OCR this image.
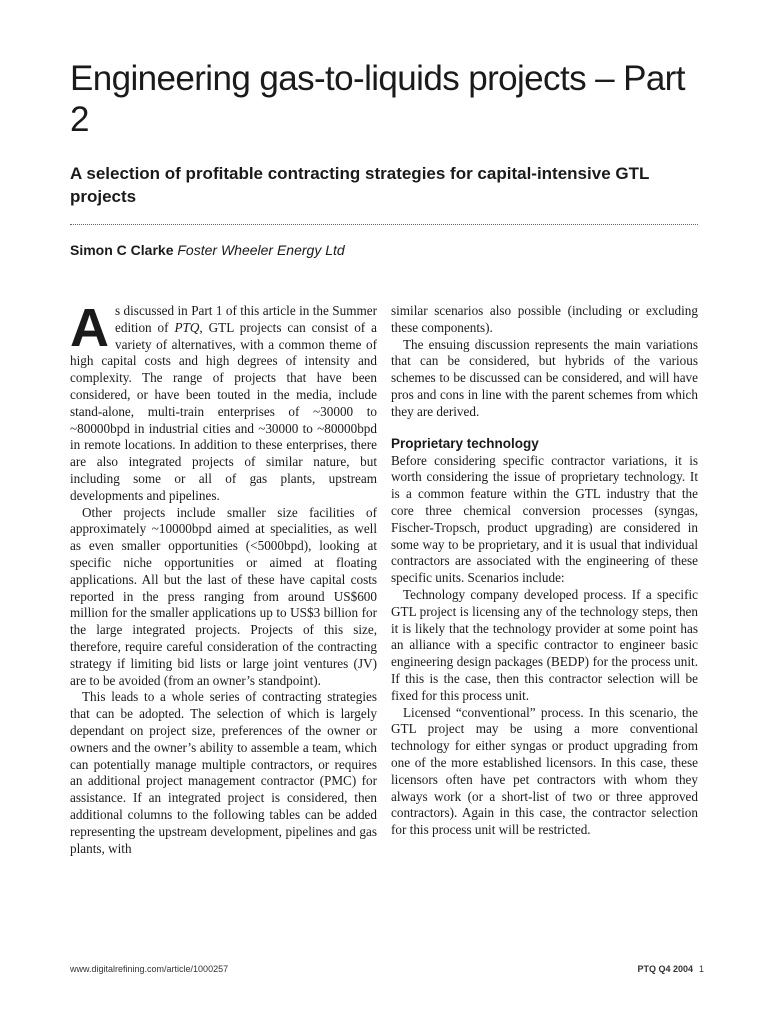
Engineering gas-to-liquids projects – Part 2
A selection of profitable contracting strategies for capital-intensive GTL projects
Simon C Clarke Foster Wheeler Energy Ltd

As discussed in Part 1 of this article in the Summer edition of PTQ, GTL projects can consist of a variety of alternatives, with a common theme of high capital costs and high degrees of intensity and complexity. The range of projects that have been considered, or have been touted in the media, include stand-alone, multi-train enterprises of ~30000 to ~80000bpd in industrial cities and ~30000 to ~80000bpd in remote locations. In addition to these enterprises, there are also integrated projects of similar nature, but including some or all of gas plants, upstream developments and pipelines.

Other projects include smaller size facilities of approximately ~10000bpd aimed at specialities, as well as even smaller opportunities (<5000bpd), looking at specific niche opportunities or aimed at floating applications. All but the last of these have capital costs reported in the press ranging from around US$600 million for the smaller applications up to US$3 billion for the large integrated projects. Projects of this size, therefore, require careful consideration of the contracting strategy if limiting bid lists or large joint ventures (JV) are to be avoided (from an owner’s standpoint).

This leads to a whole series of contracting strategies that can be adopted. The selection of which is largely dependant on project size, preferences of the owner or owners and the owner’s ability to assemble a team, which can potentially manage multiple contractors, or requires an additional project management contractor (PMC) for assistance. If an integrated project is considered, then additional columns to the following tables can be added representing the upstream development, pipelines and gas plants, with

similar scenarios also possible (including or excluding these components).

The ensuing discussion represents the main variations that can be considered, but hybrids of the various schemes to be discussed can be considered, and will have pros and cons in line with the parent schemes from which they are derived.

Proprietary technology

Before considering specific contractor variations, it is worth considering the issue of proprietary technology. It is a common feature within the GTL industry that the core three chemical conversion processes (syngas, Fischer-Tropsch, product upgrading) are considered in some way to be proprietary, and it is usual that individual contractors are associated with the engineering of these specific units. Scenarios include:

Technology company developed process. If a specific GTL project is licensing any of the technology steps, then it is likely that the technology provider at some point has an alliance with a specific contractor to engineer basic engineering design packages (BEDP) for the process unit. If this is the case, then this contractor selection will be fixed for this process unit.

Licensed “conventional” process. In this scenario, the GTL project may be using a more conventional technology for either syngas or product upgrading from one of the more established licensors. In this case, these licensors often have pet contractors with whom they always work (or a short-list of two or three approved contractors). Again in this case, the contractor selection for this process unit will be restricted.

www.digitalrefining.com/article/1000257	PTQ Q4 2004 1
